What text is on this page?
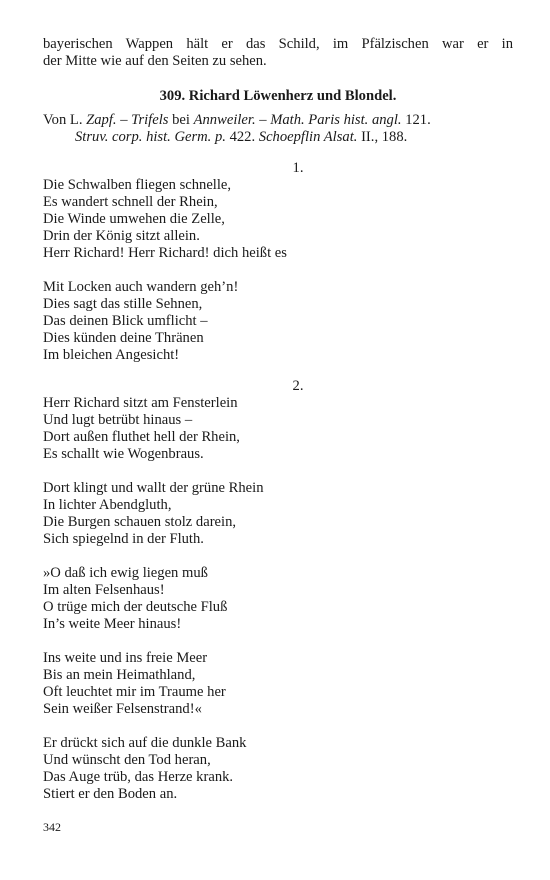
bayerischen Wappen hält er das Schild, im Pfälzischen war er in
der Mitte wie auf den Seiten zu sehen.
309. Richard Löwenherz und Blondel.
Von L. Zapf. – Trifels bei Annweiler. – Math. Paris hist. angl. 121.
Struv. corp. hist. Germ. p. 422. Schoepflin Alsat. II., 188.
1.
Die Schwalben fliegen schnelle,
Es wandert schnell der Rhein,
Die Winde umwehen die Zelle,
Drin der König sitzt allein.
Herr Richard! Herr Richard! dich heißt es
Mit Locken auch wandern geh’n!
Dies sagt das stille Sehnen,
Das deinen Blick umflicht –
Dies künden deine Thränen
Im bleichen Angesicht!
2.
Herr Richard sitzt am Fensterlein
Und lugt betrübt hinaus –
Dort außen fluthet hell der Rhein,
Es schallt wie Wogenbraus.
Dort klingt und wallt der grüne Rhein
In lichter Abendgluth,
Die Burgen schauen stolz darein,
Sich spiegelnd in der Fluth.
»O daß ich ewig liegen muß
Im alten Felsenhaus!
O trüge mich der deutsche Fluß
In’s weite Meer hinaus!
Ins weite und ins freie Meer
Bis an mein Heimathland,
Oft leuchtet mir im Traume her
Sein weißer Felsenstrand!«
Er drückt sich auf die dunkle Bank
Und wünscht den Tod heran,
Das Auge trüb, das Herze krank.
Stiert er den Boden an.
342
